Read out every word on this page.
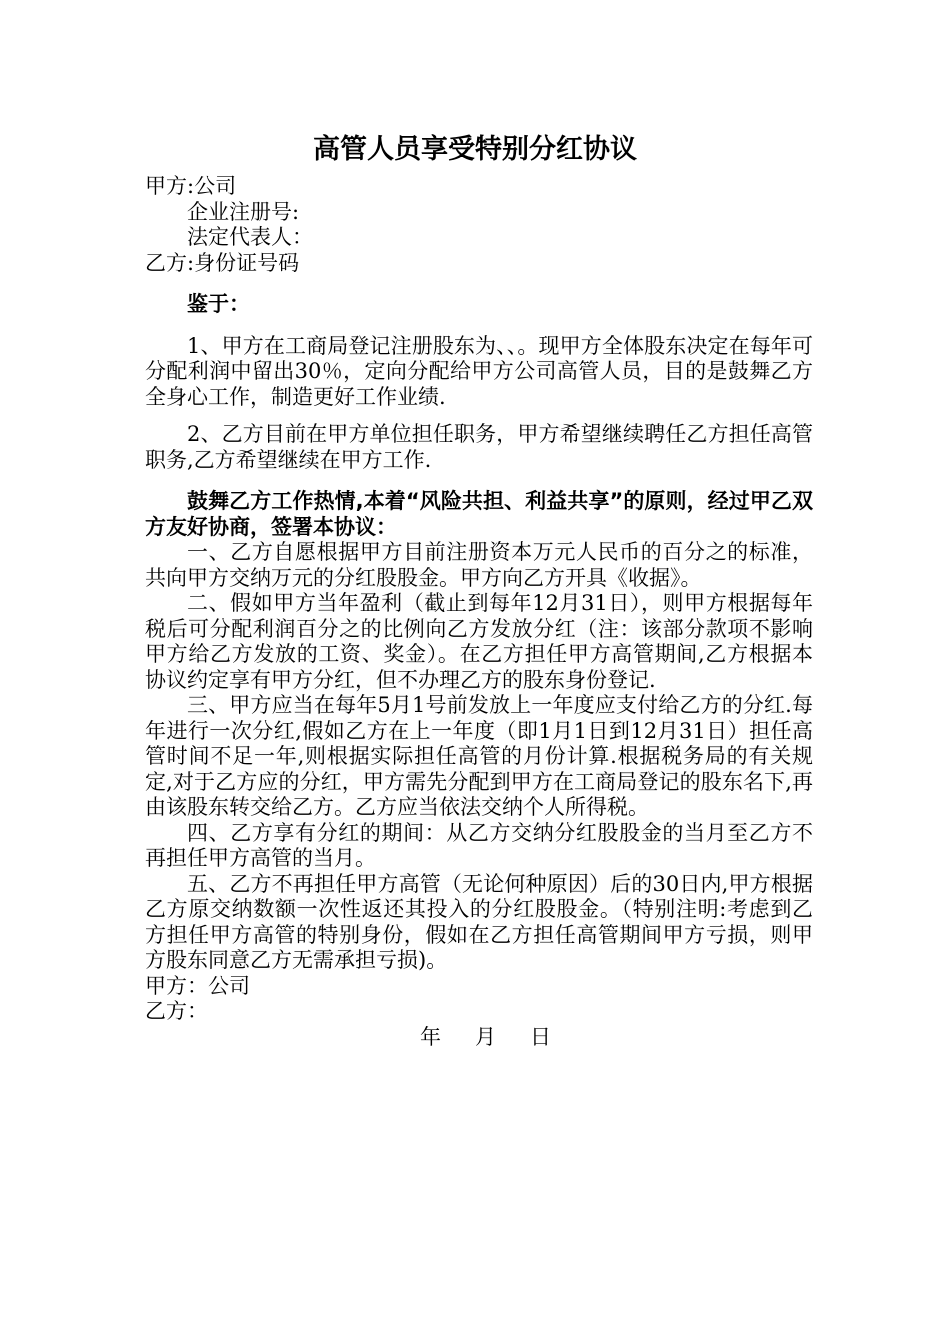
高管人员享受特别分红协议

甲方:公司

企业注册号:

法定代表人：

乙方:身份证号码

鉴于：

1、甲方在工商局登记注册股东为、、。现甲方全体股东决定在每年可分配利润中留出30％，定向分配给甲方公司高管人员，目的是鼓舞乙方全身心工作，制造更好工作业绩.

2、乙方目前在甲方单位担任职务，甲方希望继续聘任乙方担任高管职务,乙方希望继续在甲方工作.

鼓舞乙方工作热情,本着“风险共担、利益共享”的原则，经过甲乙双方友好协商，签署本协议：

一、乙方自愿根据甲方目前注册资本万元人民币的百分之的标准，共向甲方交纳万元的分红股股金。甲方向乙方开具《收据》。

二、假如甲方当年盈利（截止到每年12月31日），则甲方根据每年税后可分配利润百分之的比例向乙方发放分红（注：该部分款项不影响甲方给乙方发放的工资、奖金）。在乙方担任甲方高管期间,乙方根据本协议约定享有甲方分红，但不办理乙方的股东身份登记.

三、甲方应当在每年5月1号前发放上一年度应支付给乙方的分红.每年进行一次分红,假如乙方在上一年度（即1月1日到12月31日）担任高管时间不足一年,则根据实际担任高管的月份计算.根据税务局的有关规定,对于乙方应的分红，甲方需先分配到甲方在工商局登记的股东名下,再由该股东转交给乙方。乙方应当依法交纳个人所得税。

四、乙方享有分红的期间：从乙方交纳分红股股金的当月至乙方不再担任甲方高管的当月。

五、乙方不再担任甲方高管（无论何种原因）后的30日内,甲方根据乙方原交纳数额一次性返还其投入的分红股股金。（特别注明:考虑到乙方担任甲方高管的特别身份，假如在乙方担任高管期间甲方亏损，则甲方股东同意乙方无需承担亏损)。

甲方：公司

乙方：

年 月 日
